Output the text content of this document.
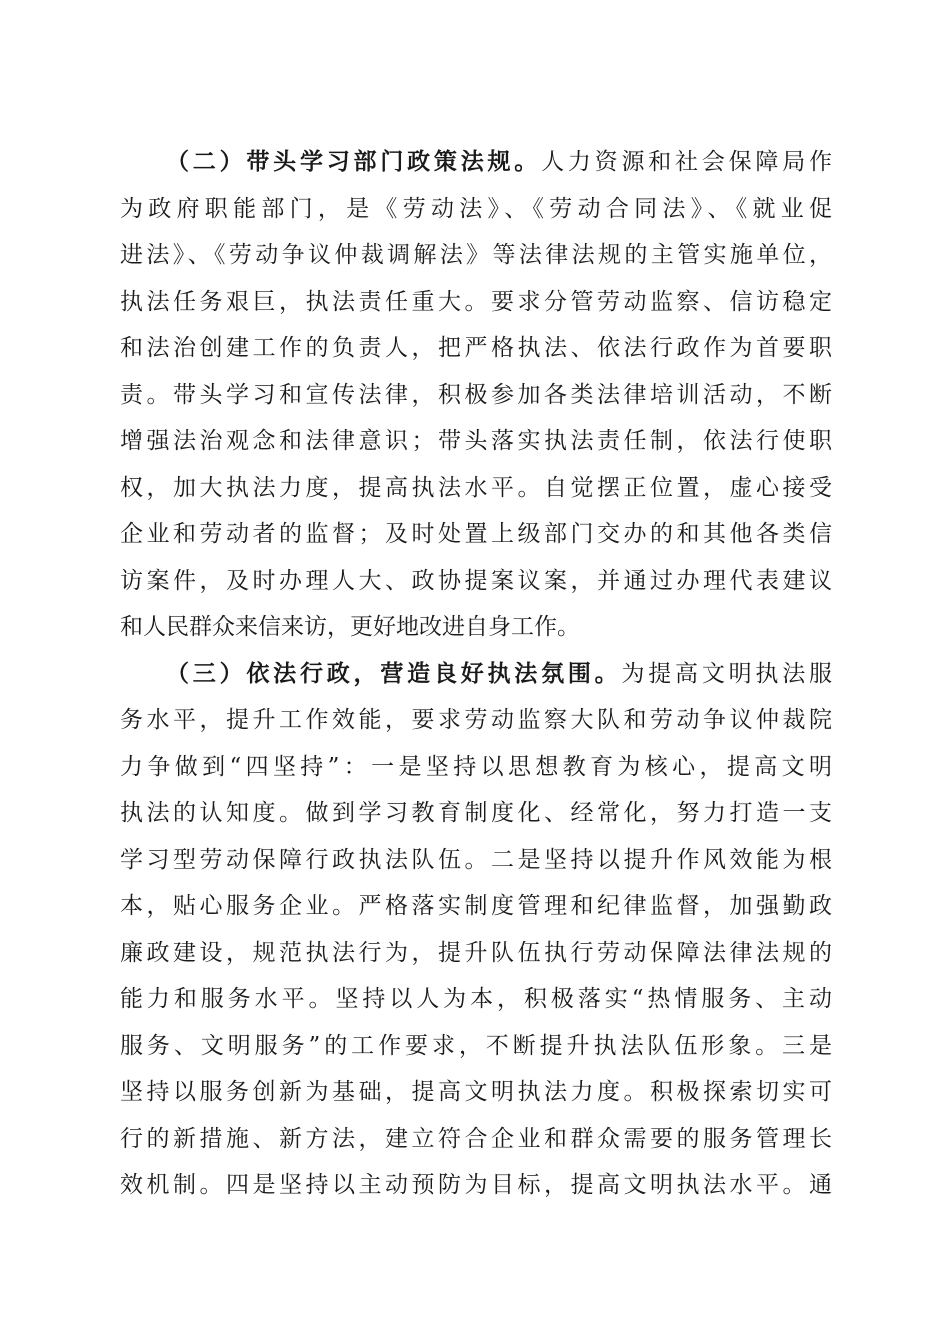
（二）带头学习部门政策法规。人力资源和社会保障局作
为政府职能部门，是《劳动法》、《劳动合同法》、《就业促
进法》、《劳动争议仲裁调解法》等法律法规的主管实施单位，
执法任务艰巨，执法责任重大。要求分管劳动监察、信访稳定
和法治创建工作的负责人，把严格执法、依法行政作为首要职
责。带头学习和宣传法律，积极参加各类法律培训活动，不断
增强法治观念和法律意识；带头落实执法责任制，依法行使职
权，加大执法力度，提高执法水平。自觉摆正位置，虚心接受
企业和劳动者的监督；及时处置上级部门交办的和其他各类信
访案件，及时办理人大、政协提案议案，并通过办理代表建议
和人民群众来信来访，更好地改进自身工作。
（三）依法行政，营造良好执法氛围。为提高文明执法服
务水平，提升工作效能，要求劳动监察大队和劳动争议仲裁院
力争做到“四坚持”：一是坚持以思想教育为核心，提高文明
执法的认知度。做到学习教育制度化、经常化，努力打造一支
学习型劳动保障行政执法队伍。二是坚持以提升作风效能为根
本，贴心服务企业。严格落实制度管理和纪律监督，加强勤政
廉政建设，规范执法行为，提升队伍执行劳动保障法律法规的
能力和服务水平。坚持以人为本，积极落实“热情服务、主动
服务、文明服务”的工作要求，不断提升执法队伍形象。三是
坚持以服务创新为基础，提高文明执法力度。积极探索切实可
行的新措施、新方法，建立符合企业和群众需要的服务管理长
效机制。四是坚持以主动预防为目标，提高文明执法水平。通
